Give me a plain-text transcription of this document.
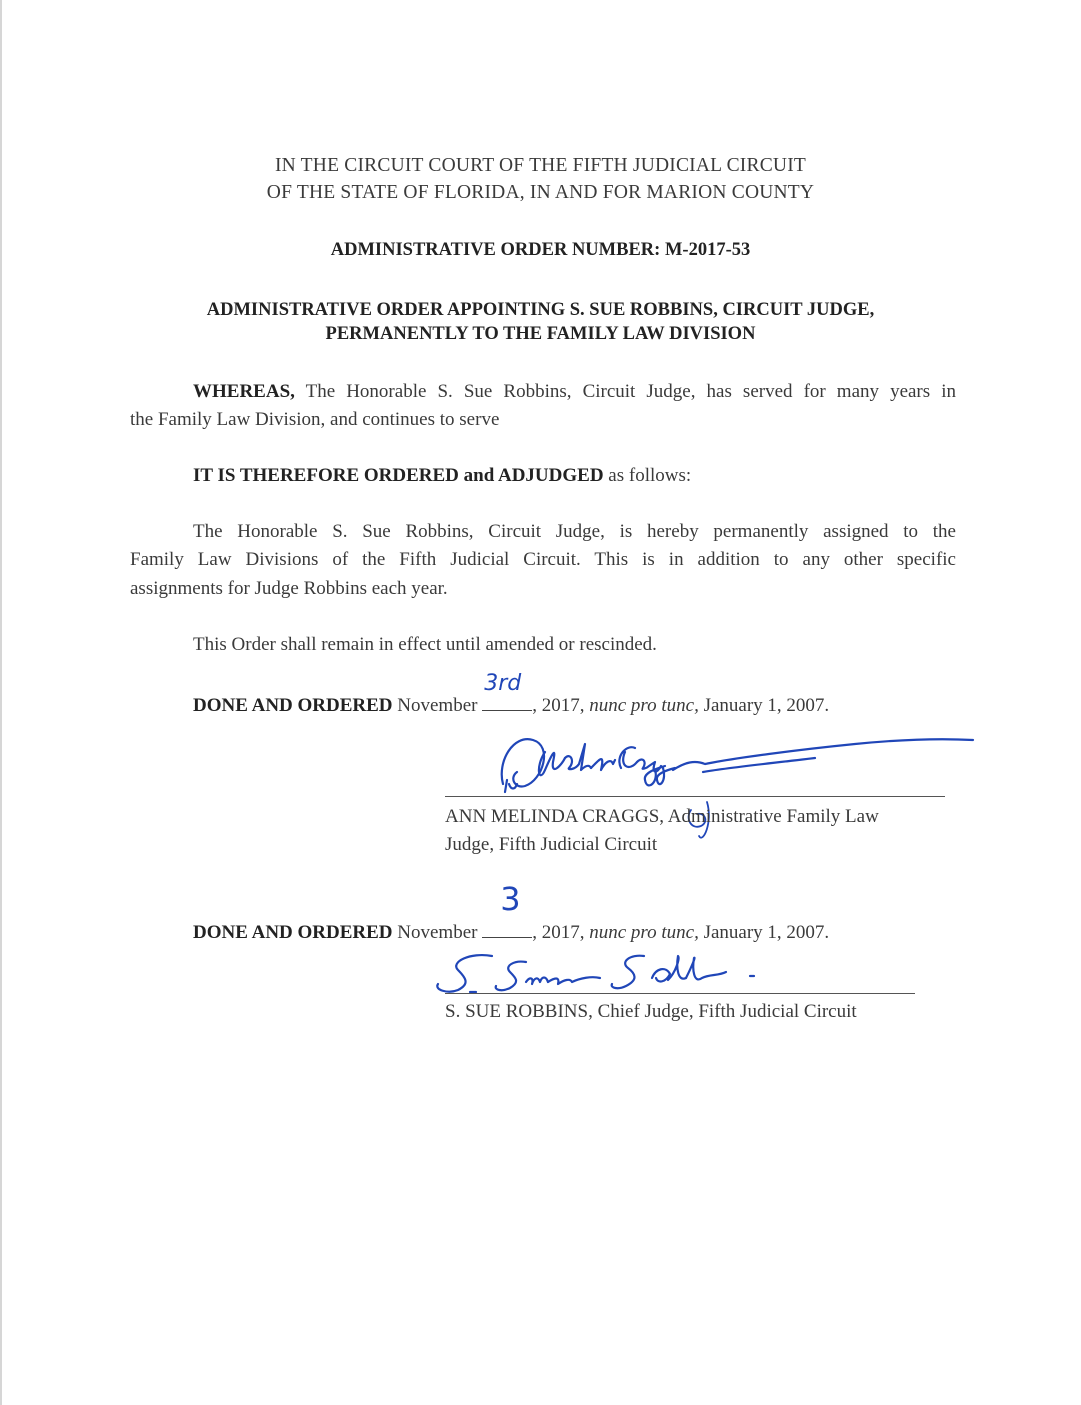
IN THE CIRCUIT COURT OF THE FIFTH JUDICIAL CIRCUIT
OF THE STATE OF FLORIDA, IN AND FOR MARION COUNTY
ADMINISTRATIVE ORDER NUMBER: M-2017-53
ADMINISTRATIVE ORDER APPOINTING S. SUE ROBBINS, CIRCUIT JUDGE,
PERMANENTLY TO THE FAMILY LAW DIVISION
WHEREAS, The Honorable S. Sue Robbins, Circuit Judge, has served for many years in
the Family Law Division, and continues to serve
IT IS THEREFORE ORDERED and ADJUDGED as follows:
The Honorable S. Sue Robbins, Circuit Judge, is hereby permanently assigned to the
Family Law Divisions of the Fifth Judicial Circuit. This is in addition to any other specific
assignments for Judge Robbins each year.
This Order shall remain in effect until amended or rescinded.
DONE AND ORDERED November
3rd
, 2017, nunc pro tunc, January 1, 2007.
ANN MELINDA CRAGGS, Administrative Family Law
Judge, Fifth Judicial Circuit
DONE AND ORDERED November
3
, 2017, nunc pro tunc, January 1, 2007.
S. SUE ROBBINS, Chief Judge, Fifth Judicial Circuit
